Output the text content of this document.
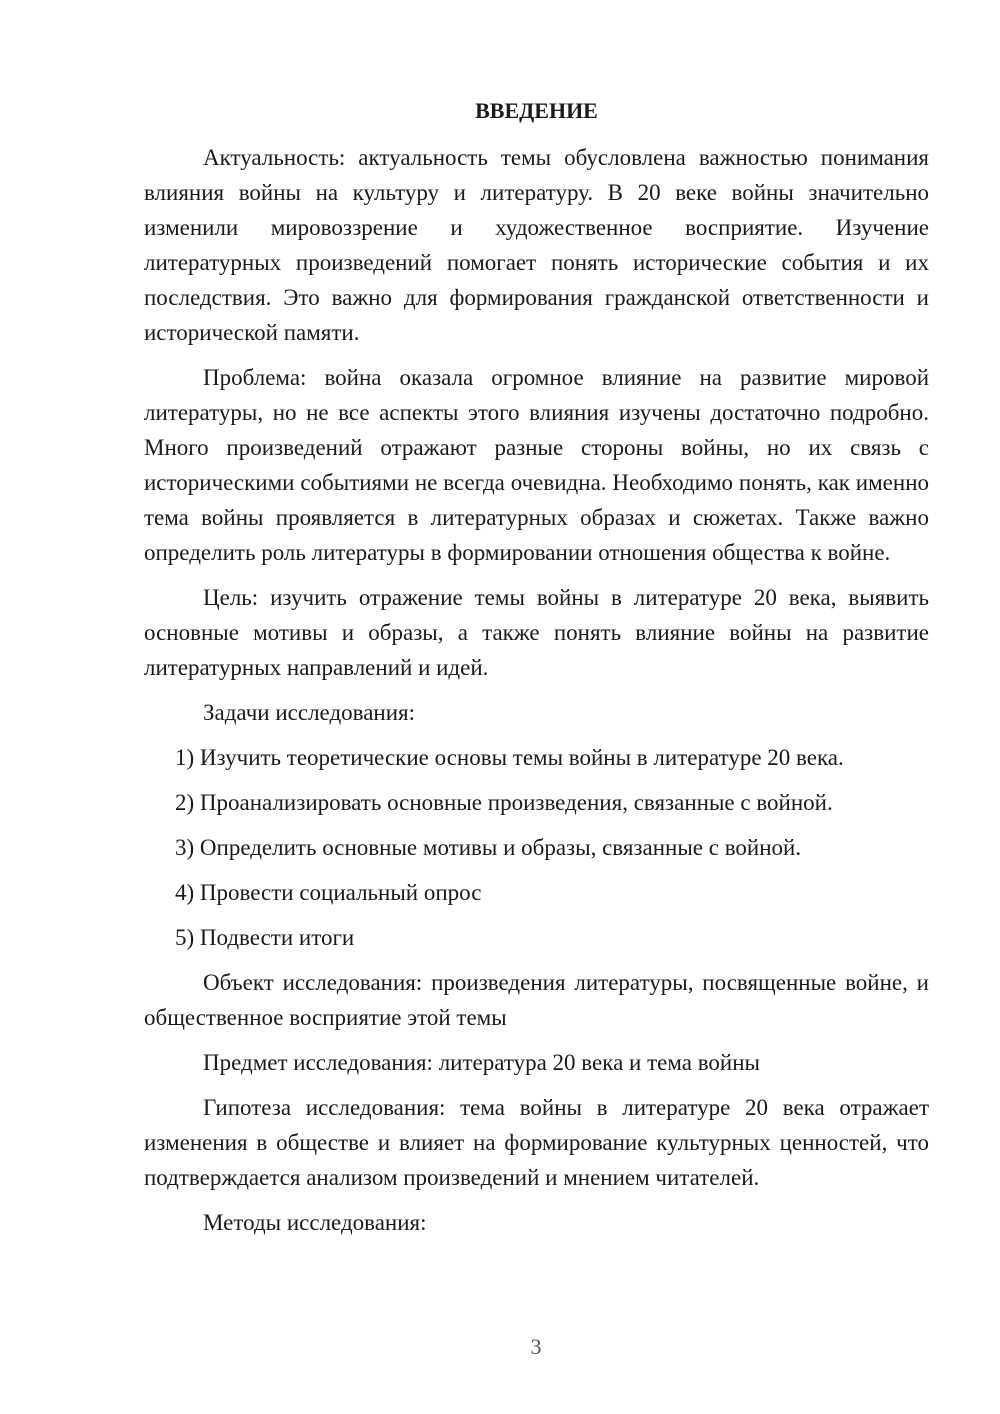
ВВЕДЕНИЕ

Актуальность: актуальность темы обусловлена важностью понимания влияния войны на культуру и литературу. В 20 веке войны значительно изменили мировоззрение и художественное восприятие. Изучение литературных произведений помогает понять исторические события и их последствия. Это важно для формирования гражданской ответственности и исторической памяти.

Проблема: война оказала огромное влияние на развитие мировой литературы, но не все аспекты этого влияния изучены достаточно подробно. Много произведений отражают разные стороны войны, но их связь с историческими событиями не всегда очевидна. Необходимо понять, как именно тема войны проявляется в литературных образах и сюжетах. Также важно определить роль литературы в формировании отношения общества к войне.

Цель: изучить отражение темы войны в литературе 20 века, выявить основные мотивы и образы, а также понять влияние войны на развитие литературных направлений и идей.

Задачи исследования:

1) Изучить теоретические основы темы войны в литературе 20 века.
2) Проанализировать основные произведения, связанные с войной.
3) Определить основные мотивы и образы, связанные с войной.
4) Провести социальный опрос
5) Подвести итоги

Объект исследования: произведения литературы, посвященные войне, и общественное восприятие этой темы

Предмет исследования: литература 20 века и тема войны

Гипотеза исследования: тема войны в литературе 20 века отражает изменения в обществе и влияет на формирование культурных ценностей, что подтверждается анализом произведений и мнением читателей.

Методы исследования:

3
